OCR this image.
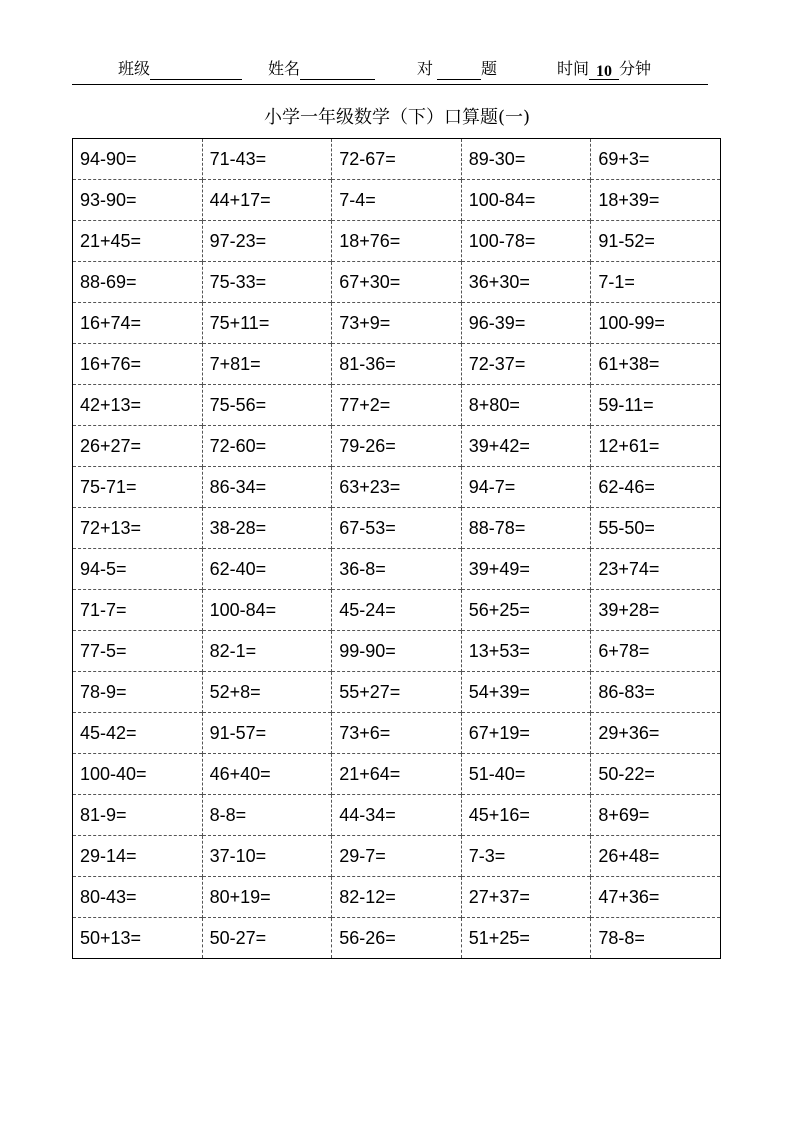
班级	姓名	对	题	时间 10 分钟
小学一年级数学（下）口算题(一)
94-90=	71-43=	72-67=	89-30=	69+3=
93-90=	44+17=	7-4=	100-84=	18+39=
21+45=	97-23=	18+76=	100-78=	91-52=
88-69=	75-33=	67+30=	36+30=	7-1=
16+74=	75+11=	73+9=	96-39=	100-99=
16+76=	7+81=	81-36=	72-37=	61+38=
42+13=	75-56=	77+2=	8+80=	59-11=
26+27=	72-60=	79-26=	39+42=	12+61=
75-71=	86-34=	63+23=	94-7=	62-46=
72+13=	38-28=	67-53=	88-78=	55-50=
94-5=	62-40=	36-8=	39+49=	23+74=
71-7=	100-84=	45-24=	56+25=	39+28=
77-5=	82-1=	99-90=	13+53=	6+78=
78-9=	52+8=	55+27=	54+39=	86-83=
45-42=	91-57=	73+6=	67+19=	29+36=
100-40=	46+40=	21+64=	51-40=	50-22=
81-9=	8-8=	44-34=	45+16=	8+69=
29-14=	37-10=	29-7=	7-3=	26+48=
80-43=	80+19=	82-12=	27+37=	47+36=
50+13=	50-27=	56-26=	51+25=	78-8=
